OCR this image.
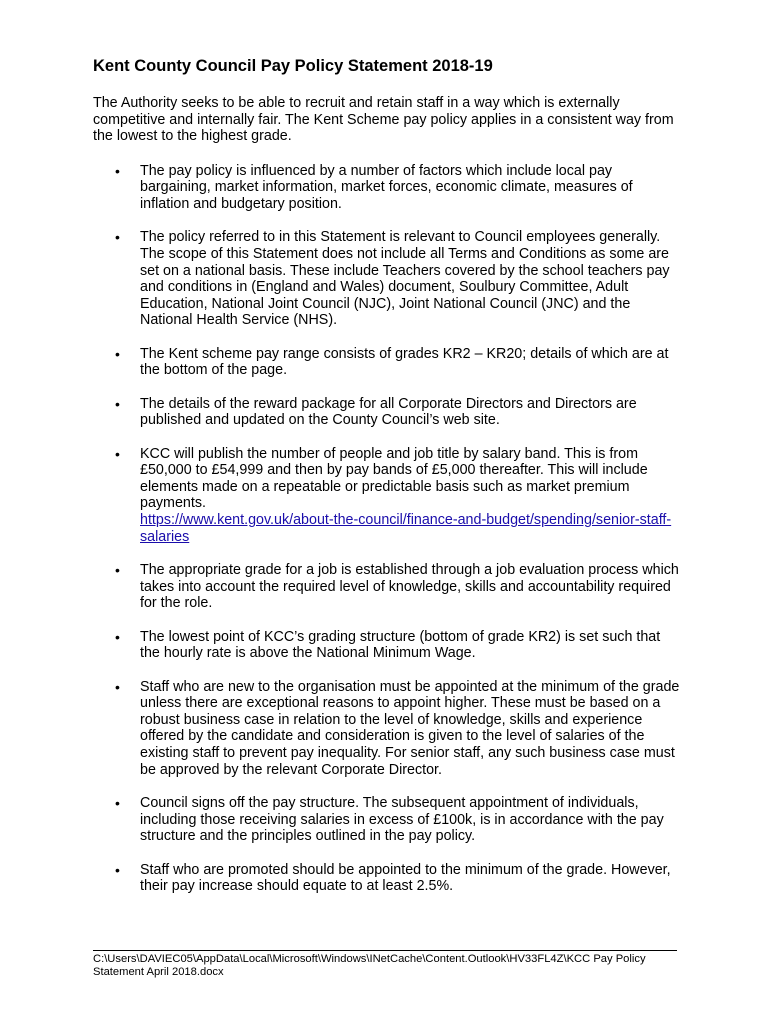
Kent County Council Pay Policy Statement 2018-19
The Authority seeks to be able to recruit and retain staff in a way which is externally competitive and internally fair. The Kent Scheme pay policy applies in a consistent way from the lowest to the highest grade.
• The pay policy is influenced by a number of factors which include local pay bargaining, market information, market forces, economic climate, measures of inflation and budgetary position.
• The policy referred to in this Statement is relevant to Council employees generally. The scope of this Statement does not include all Terms and Conditions as some are set on a national basis. These include Teachers covered by the school teachers pay and conditions in (England and Wales) document, Soulbury Committee, Adult Education, National Joint Council (NJC), Joint National Council (JNC) and the National Health Service (NHS).
• The Kent scheme pay range consists of grades KR2 – KR20; details of which are at the bottom of the page.
• The details of the reward package for all Corporate Directors and Directors are published and updated on the County Council’s web site.
• KCC will publish the number of people and job title by salary band. This is from £50,000 to £54,999 and then by pay bands of £5,000 thereafter. This will include elements made on a repeatable or predictable basis such as market premium payments.
https://www.kent.gov.uk/about-the-council/finance-and-budget/spending/senior-staff-salaries
• The appropriate grade for a job is established through a job evaluation process which takes into account the required level of knowledge, skills and accountability required for the role.
• The lowest point of KCC’s grading structure (bottom of grade KR2) is set such that the hourly rate is above the National Minimum Wage.
• Staff who are new to the organisation must be appointed at the minimum of the grade unless there are exceptional reasons to appoint higher. These must be based on a robust business case in relation to the level of knowledge, skills and experience offered by the candidate and consideration is given to the level of salaries of the existing staff to prevent pay inequality. For senior staff, any such business case must be approved by the relevant Corporate Director.
• Council signs off the pay structure. The subsequent appointment of individuals, including those receiving salaries in excess of £100k, is in accordance with the pay structure and the principles outlined in the pay policy.
• Staff who are promoted should be appointed to the minimum of the grade. However, their pay increase should equate to at least 2.5%.
C:\Users\DAVIEC05\AppData\Local\Microsoft\Windows\INetCache\Content.Outlook\HV33FL4Z\KCC Pay Policy Statement April 2018.docx
